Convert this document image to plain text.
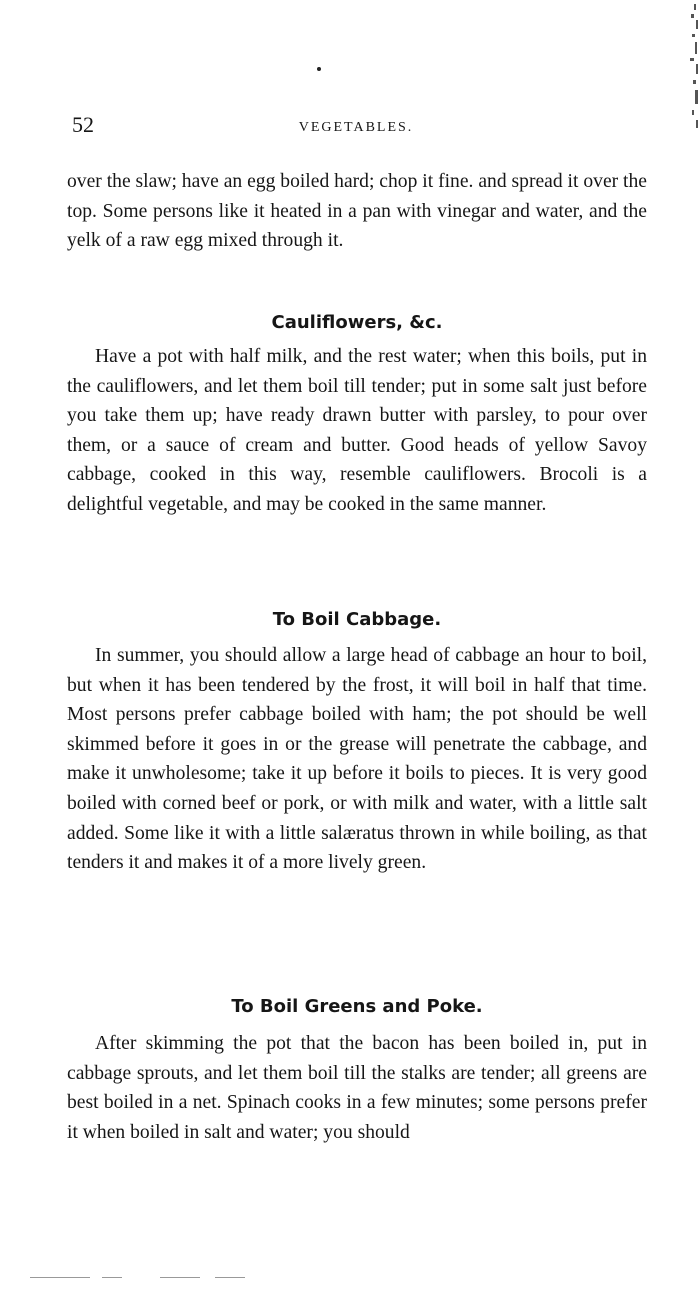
52	VEGETABLES.

over the slaw; have an egg boiled hard; chop it fine. and spread it over the top. Some persons like it heated in a pan with vinegar and water, and the yelk of a raw egg mixed through it.

Cauliflowers, &c.

Have a pot with half milk, and the rest water; when this boils, put in the cauliflowers, and let them boil till tender; put in some salt just before you take them up; have ready drawn butter with parsley, to pour over them, or a sauce of cream and butter. Good heads of yellow Savoy cabbage, cooked in this way, resemble cauliflowers. Brocoli is a delightful vegetable, and may be cooked in the same manner.

To Boil Cabbage.

In summer, you should allow a large head of cabbage an hour to boil, but when it has been tendered by the frost, it will boil in half that time. Most persons prefer cabbage boiled with ham; the pot should be well skimmed before it goes in or the grease will penetrate the cabbage, and make it unwholesome; take it up before it boils to pieces. It is very good boiled with corned beef or pork, or with milk and water, with a little salt added. Some like it with a little salæratus thrown in while boiling, as that tenders it and makes it of a more lively green.

To Boil Greens and Poke.

After skimming the pot that the bacon has been boiled in, put in cabbage sprouts, and let them boil till the stalks are tender; all greens are best boiled in a net. Spinach cooks in a few minutes; some persons prefer it when boiled in salt and water; you should
